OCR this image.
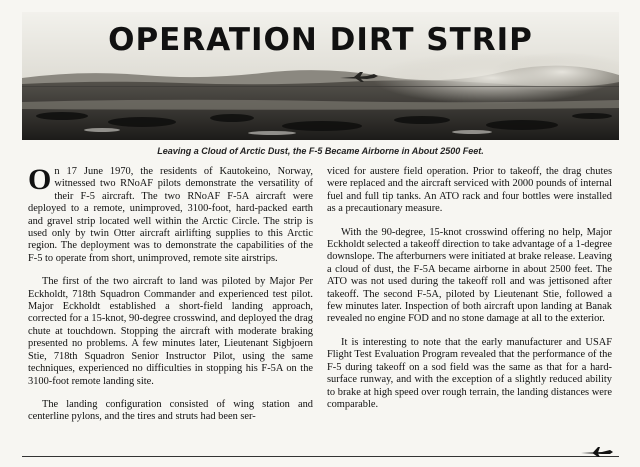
OPERATION DIRT STRIP
Leaving a Cloud of Arctic Dust, the F-5 Became Airborne in About 2500 Feet.

On 17 June 1970, the residents of Kautokeino, Norway, witnessed two RNoAF pilots demonstrate the versatility of their F-5 aircraft. The two RNoAF F-5A aircraft were deployed to a remote, unimproved, 3100-foot, hard-packed earth and gravel strip located well within the Arctic Circle. The strip is used only by twin Otter aircraft airlifting supplies to this Arctic region. The deployment was to demonstrate the capabilities of the F-5 to operate from short, unimproved, remote site airstrips.

The first of the two aircraft to land was piloted by Major Per Eckholdt, 718th Squadron Commander and experienced test pilot. Major Eckholdt established a short-field landing approach, corrected for a 15-knot, 90-degree crosswind, and deployed the drag chute at touchdown. Stopping the aircraft with moderate braking presented no problems. A few minutes later, Lieutenant Sigbjoern Stie, 718th Squadron Senior Instructor Pilot, using the same techniques, experienced no difficulties in stopping his F-5A on the 3100-foot remote landing site.

The landing configuration consisted of wing station and centerline pylons, and the tires and struts had been ser-

viced for austere field operation. Prior to takeoff, the drag chutes were replaced and the aircraft serviced with 2000 pounds of internal fuel and full tip tanks. An ATO rack and four bottles were installed as a precautionary measure.

With the 90-degree, 15-knot crosswind offering no help, Major Eckholdt selected a takeoff direction to take advantage of a 1-degree downslope. The afterburners were initiated at brake release. Leaving a cloud of dust, the F-5A became airborne in about 2500 feet. The ATO was not used during the takeoff roll and was jettisoned after takeoff. The second F-5A, piloted by Lieutenant Stie, followed a few minutes later. Inspection of both aircraft upon landing at Banak revealed no engine FOD and no stone damage at all to the exterior.

It is interesting to note that the early manufacturer and USAF Flight Test Evaluation Program revealed that the performance of the F-5 during takeoff on a sod field was the same as that for a hard-surface runway, and with the exception of a slightly reduced ability to brake at high speed over rough terrain, the landing distances were comparable.
